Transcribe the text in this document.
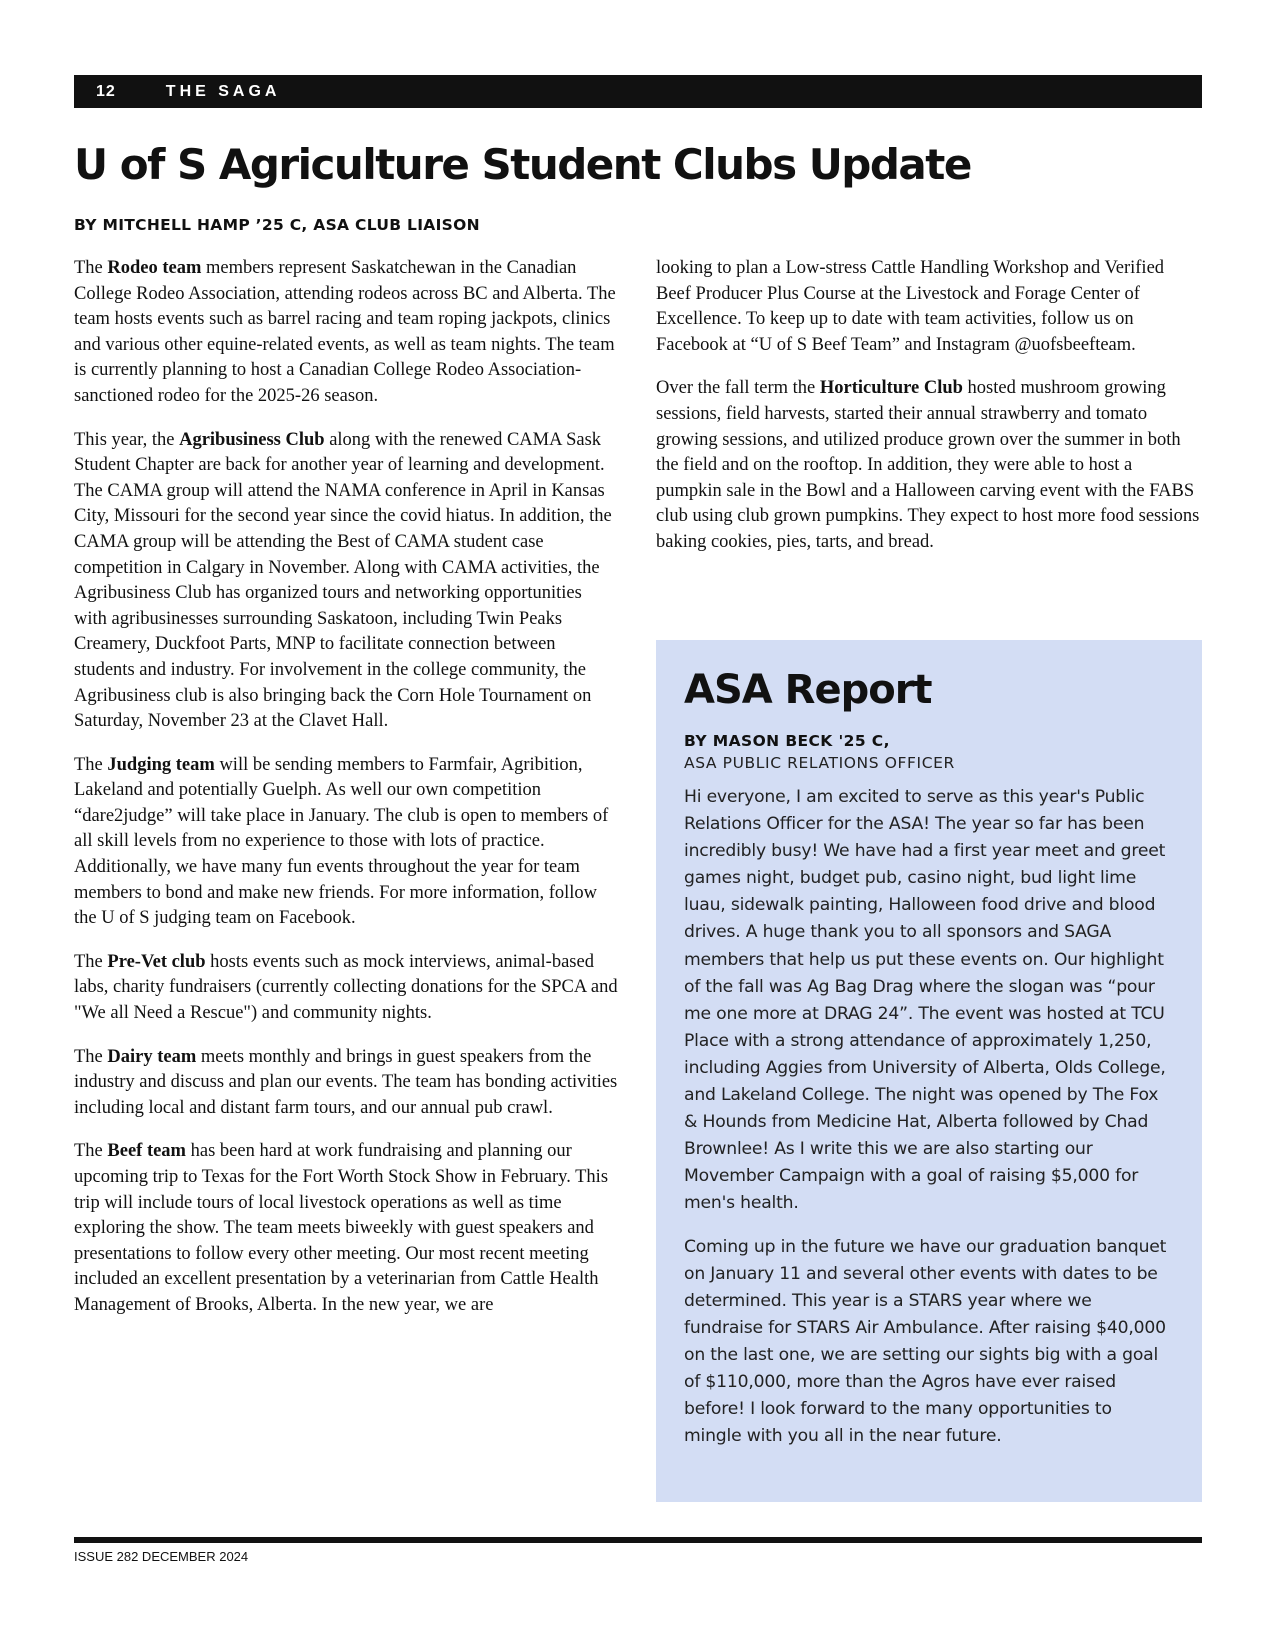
12	THE SAGA
U of S Agriculture Student Clubs Update

BY MITCHELL HAMP ’25 C, ASA CLUB LIAISON

The Rodeo team members represent Saskatchewan in the Canadian College Rodeo Association, attending rodeos across BC and Alberta. The team hosts events such as barrel racing and team roping jackpots, clinics and various other equine-related events, as well as team nights. The team is currently planning to host a Canadian College Rodeo Association-sanctioned rodeo for the 2025-26 season.

This year, the Agribusiness Club along with the renewed CAMA Sask Student Chapter are back for another year of learning and development. The CAMA group will attend the NAMA conference in April in Kansas City, Missouri for the second year since the covid hiatus. In addition, the CAMA group will be attending the Best of CAMA student case competition in Calgary in November. Along with CAMA activities, the Agribusiness Club has organized tours and networking opportunities with agribusinesses surrounding Saskatoon, including Twin Peaks Creamery, Duckfoot Parts, MNP to facilitate connection between students and industry. For involvement in the college community, the Agribusiness club is also bringing back the Corn Hole Tournament on Saturday, November 23 at the Clavet Hall.

The Judging team will be sending members to Farmfair, Agribition, Lakeland and potentially Guelph. As well our own competition “dare2judge” will take place in January. The club is open to members of all skill levels from no experience to those with lots of practice. Additionally, we have many fun events throughout the year for team members to bond and make new friends. For more information, follow the U of S judging team on Facebook.

The Pre-Vet club hosts events such as mock interviews, animal-based labs, charity fundraisers (currently collecting donations for the SPCA and "We all Need a Rescue") and community nights.

The Dairy team meets monthly and brings in guest speakers from the industry and discuss and plan our events. The team has bonding activities including local and distant farm tours, and our annual pub crawl.

The Beef team has been hard at work fundraising and planning our upcoming trip to Texas for the Fort Worth Stock Show in February. This trip will include tours of local livestock operations as well as time exploring the show. The team meets biweekly with guest speakers and presentations to follow every other meeting. Our most recent meeting included an excellent presentation by a veterinarian from Cattle Health Management of Brooks, Alberta. In the new year, we are

looking to plan a Low-stress Cattle Handling Workshop and Verified Beef Producer Plus Course at the Livestock and Forage Center of Excellence. To keep up to date with team activities, follow us on Facebook at “U of S Beef Team” and Instagram @uofsbeefteam.

Over the fall term the Horticulture Club hosted mushroom growing sessions, field harvests, started their annual strawberry and tomato growing sessions, and utilized produce grown over the summer in both the field and on the rooftop. In addition, they were able to host a pumpkin sale in the Bowl and a Halloween carving event with the FABS club using club grown pumpkins. They expect to host more food sessions baking cookies, pies, tarts, and bread.

ASA Report

BY MASON BECK '25 C,

ASA PUBLIC RELATIONS OFFICER

Hi everyone, I am excited to serve as this year's Public Relations Officer for the ASA! The year so far has been incredibly busy! We have had a first year meet and greet games night, budget pub, casino night, bud light lime luau, sidewalk painting, Halloween food drive and blood drives. A huge thank you to all sponsors and SAGA members that help us put these events on. Our highlight of the fall was Ag Bag Drag where the slogan was “pour me one more at DRAG 24”. The event was hosted at TCU Place with a strong attendance of approximately 1,250, including Aggies from University of Alberta, Olds College, and Lakeland College. The night was opened by The Fox & Hounds from Medicine Hat, Alberta followed by Chad Brownlee! As I write this we are also starting our Movember Campaign with a goal of raising $5,000 for men's health.

Coming up in the future we have our graduation banquet on January 11 and several other events with dates to be determined. This year is a STARS year where we fundraise for STARS Air Ambulance. After raising $40,000 on the last one, we are setting our sights big with a goal of $110,000, more than the Agros have ever raised before! I look forward to the many opportunities to mingle with you all in the near future.

ISSUE 282 DECEMBER 2024
